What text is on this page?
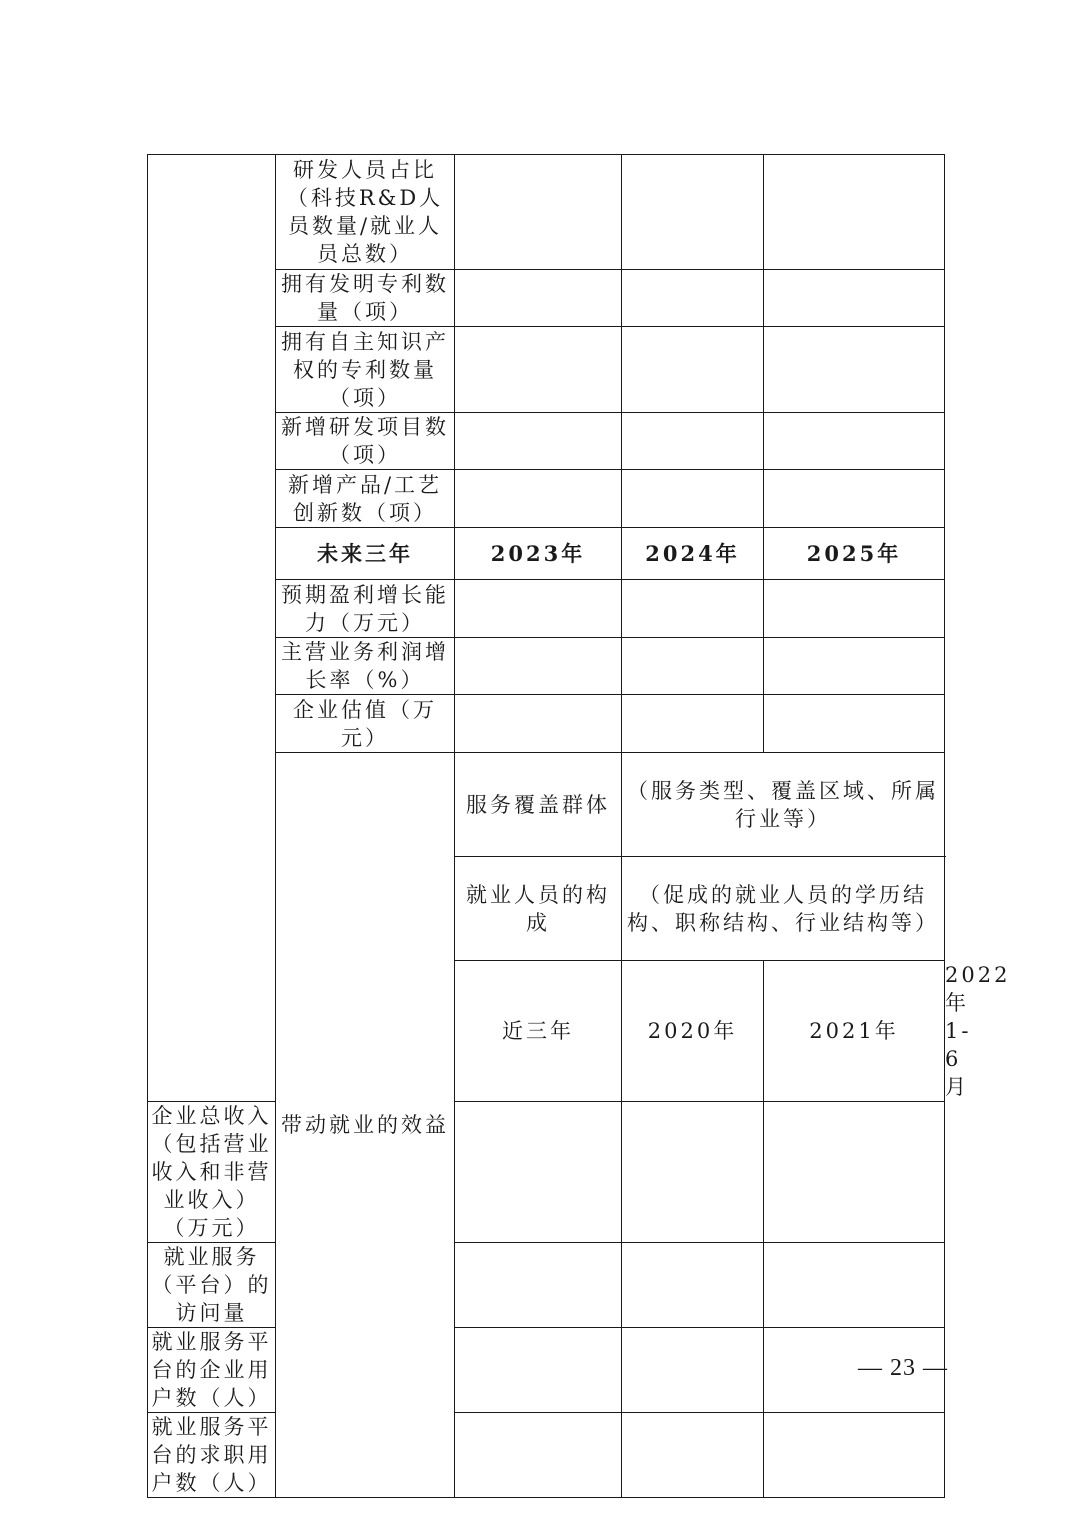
	研发人员占比（科技R&D人员数量/就业人员总数）				
	拥有发明专利数量（项）				
	拥有自主知识产权的专利数量（项）				
	新增研发项目数（项）				
	新增产品/工艺创新数（项）				
	未来三年	2023年	2024年	2025年	
	预期盈利增长能力（万元）				
	主营业务利润增长率（%）				
	企业估值（万元）				
	带动就业的效益	服务覆盖群体	（服务类型、覆盖区域、所属行业等）		
		就业人员的构成	（促成的就业人员的学历结构、职称结构、行业结构等）		
		近三年	2020年	2021年	2022年1-6月
企业总收入（包括营业收入和非营业收入）（万元）					
就业服务（平台）的访问量					
就业服务平台的企业用户数（人）					
就业服务平台的求职用户数（人）					
— 23 —
